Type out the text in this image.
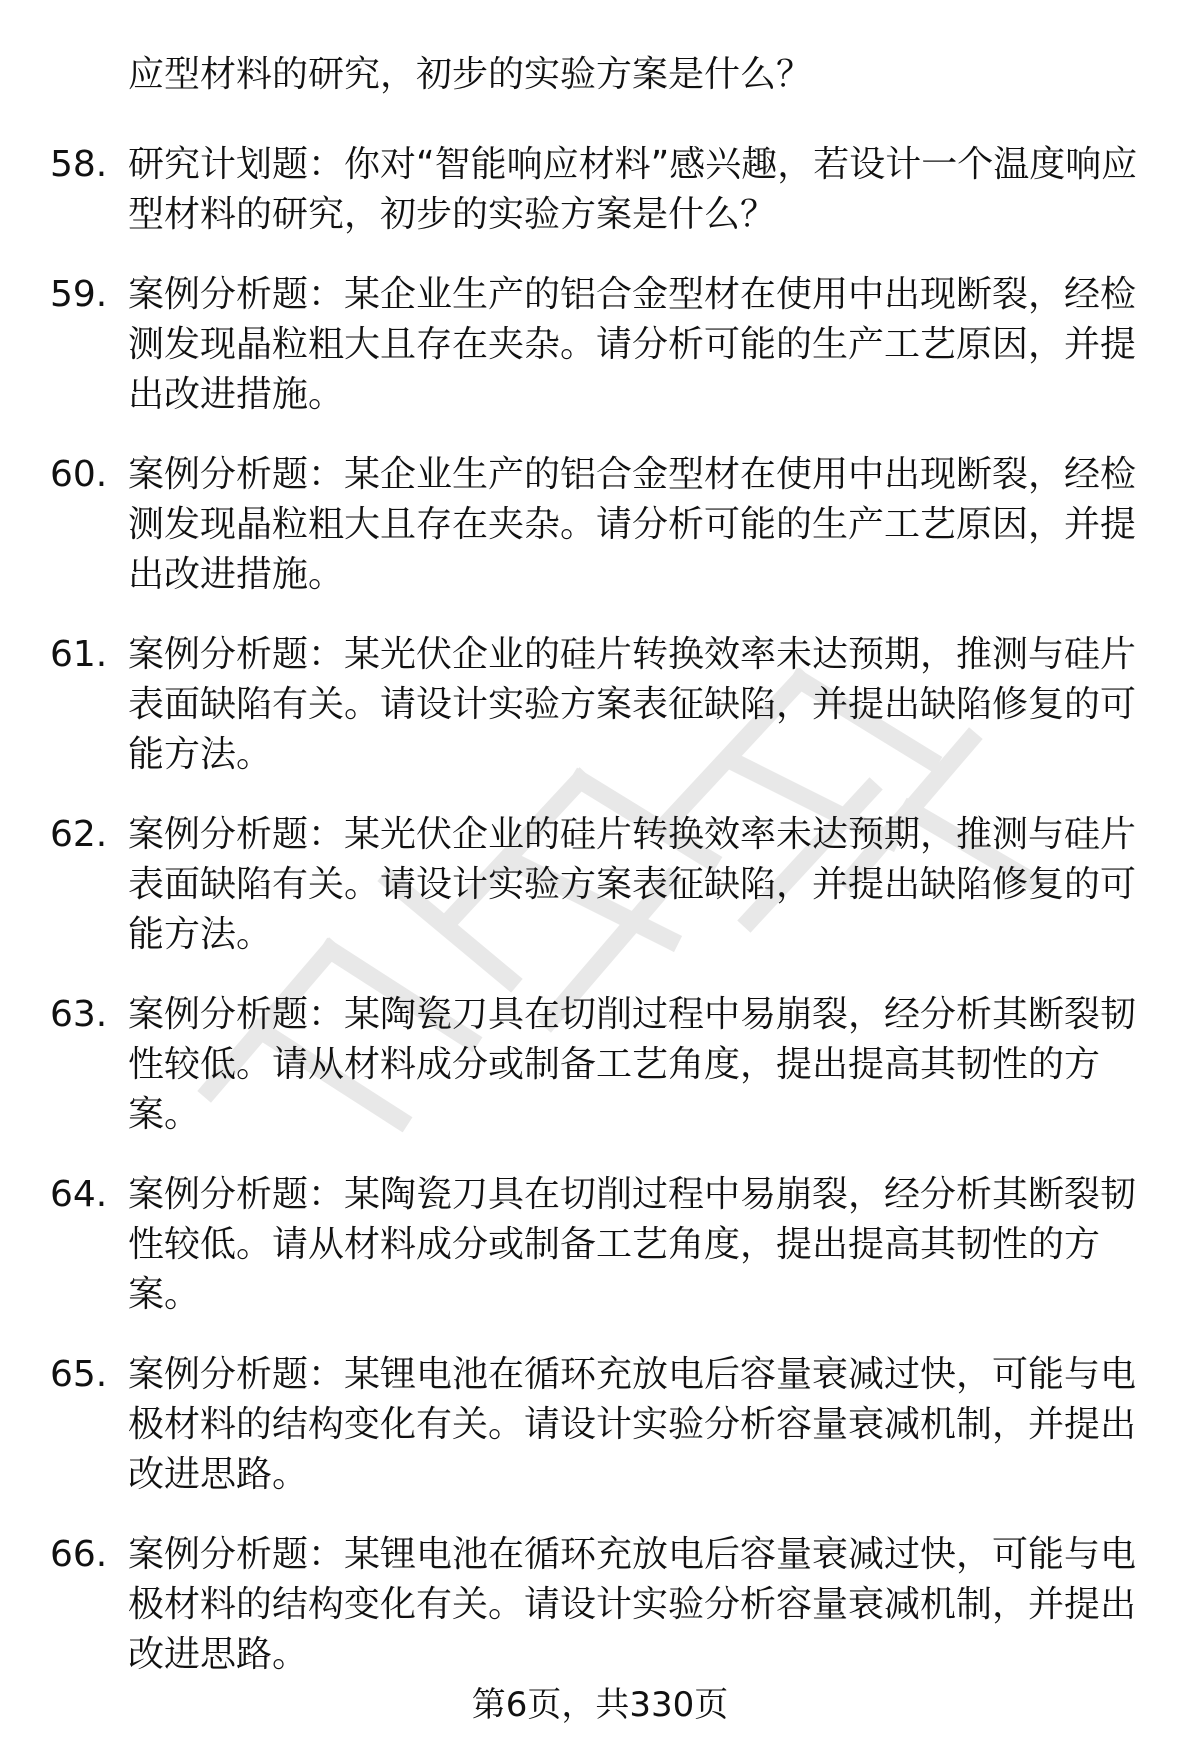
应型材料的研究，初步的实验方案是什么？
58. 研究计划题：你对“智能响应材料”感兴趣，若设计一个温度响应型材料的研究，初步的实验方案是什么？
59. 案例分析题：某企业生产的铝合金型材在使用中出现断裂，经检测发现晶粒粗大且存在夹杂。请分析可能的生产工艺原因，并提出改进措施。
60. 案例分析题：某企业生产的铝合金型材在使用中出现断裂，经检测发现晶粒粗大且存在夹杂。请分析可能的生产工艺原因，并提出改进措施。
61. 案例分析题：某光伏企业的硅片转换效率未达预期，推测与硅片表面缺陷有关。请设计实验方案表征缺陷，并提出缺陷修复的可能方法。
62. 案例分析题：某光伏企业的硅片转换效率未达预期，推测与硅片表面缺陷有关。请设计实验方案表征缺陷，并提出缺陷修复的可能方法。
63. 案例分析题：某陶瓷刀具在切削过程中易崩裂，经分析其断裂韧性较低。请从材料成分或制备工艺角度，提出提高其韧性的方案。
64. 案例分析题：某陶瓷刀具在切削过程中易崩裂，经分析其断裂韧性较低。请从材料成分或制备工艺角度，提出提高其韧性的方案。
65. 案例分析题：某锂电池在循环充放电后容量衰减过快，可能与电极材料的结构变化有关。请设计实验分析容量衰减机制，并提出改进思路。
66. 案例分析题：某锂电池在循环充放电后容量衰减过快，可能与电极材料的结构变化有关。请设计实验分析容量衰减机制，并提出改进思路。
第6页，共330页
